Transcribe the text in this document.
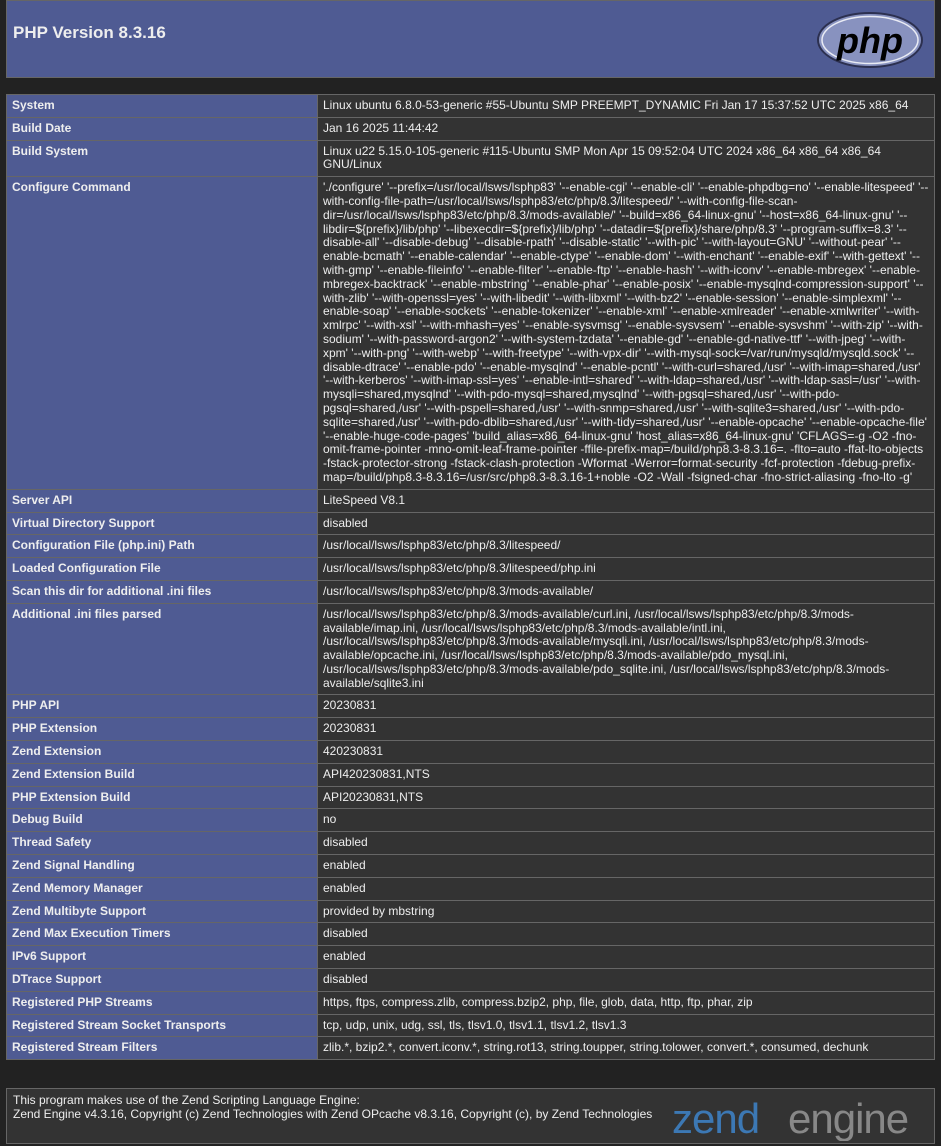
PHP Version 8.3.16	php
System	Linux ubuntu 6.8.0-53-generic #55-Ubuntu SMP PREEMPT_DYNAMIC Fri Jan 17 15:37:52 UTC 2025 x86_64
Build Date	Jan 16 2025 11:44:42
Build System	Linux u22 5.15.0-105-generic #115-Ubuntu SMP Mon Apr 15 09:52:04 UTC 2024 x86_64 x86_64 x86_64 GNU/Linux
Configure Command	'./configure' '--prefix=/usr/local/lsws/lsphp83' '--enable-cgi' '--enable-cli' '--enable-phpdbg=no' '--enable-litespeed' '--with-config-file-path=/usr/local/lsws/lsphp83/etc/php/8.3/litespeed/' '--with-config-file-scan-dir=/usr/local/lsws/lsphp83/etc/php/8.3/mods-available/' '--build=x86_64-linux-gnu' '--host=x86_64-linux-gnu' '--libdir=${prefix}/lib/php' '--libexecdir=${prefix}/lib/php' '--datadir=${prefix}/share/php/8.3' '--program-suffix=8.3' '--disable-all' '--disable-debug' '--disable-rpath' '--disable-static' '--with-pic' '--with-layout=GNU' '--without-pear' '--enable-bcmath' '--enable-calendar' '--enable-ctype' '--enable-dom' '--with-enchant' '--enable-exif' '--with-gettext' '--with-gmp' '--enable-fileinfo' '--enable-filter' '--enable-ftp' '--enable-hash' '--with-iconv' '--enable-mbregex' '--enable-mbregex-backtrack' '--enable-mbstring' '--enable-phar' '--enable-posix' '--enable-mysqlnd-compression-support' '--with-zlib' '--with-openssl=yes' '--with-libedit' '--with-libxml' '--with-bz2' '--enable-session' '--enable-simplexml' '--enable-soap' '--enable-sockets' '--enable-tokenizer' '--enable-xml' '--enable-xmlreader' '--enable-xmlwriter' '--with-xmlrpc' '--with-xsl' '--with-mhash=yes' '--enable-sysvmsg' '--enable-sysvsem' '--enable-sysvshm' '--with-zip' '--with-sodium' '--with-password-argon2' '--with-system-tzdata' '--enable-gd' '--enable-gd-native-ttf' '--with-jpeg' '--with-xpm' '--with-png' '--with-webp' '--with-freetype' '--with-vpx-dir' '--with-mysql-sock=/var/run/mysqld/mysqld.sock' '--disable-dtrace' '--enable-pdo' '--enable-mysqlnd' '--enable-pcntl' '--with-curl=shared,/usr' '--with-imap=shared,/usr' '--with-kerberos' '--with-imap-ssl=yes' '--enable-intl=shared' '--with-ldap=shared,/usr' '--with-ldap-sasl=/usr' '--with-mysqli=shared,mysqlnd' '--with-pdo-mysql=shared,mysqlnd' '--with-pgsql=shared,/usr' '--with-pdo-pgsql=shared,/usr' '--with-pspell=shared,/usr' '--with-snmp=shared,/usr' '--with-sqlite3=shared,/usr' '--with-pdo-sqlite=shared,/usr' '--with-pdo-dblib=shared,/usr' '--with-tidy=shared,/usr' '--enable-opcache' '--enable-opcache-file' '--enable-huge-code-pages' 'build_alias=x86_64-linux-gnu' 'host_alias=x86_64-linux-gnu' 'CFLAGS=-g -O2 -fno-omit-frame-pointer -mno-omit-leaf-frame-pointer -ffile-prefix-map=/build/php8.3-8.3.16=. -flto=auto -ffat-lto-objects -fstack-protector-strong -fstack-clash-protection -Wformat -Werror=format-security -fcf-protection -fdebug-prefix-map=/build/php8.3-8.3.16=/usr/src/php8.3-8.3.16-1+noble -O2 -Wall -fsigned-char -fno-strict-aliasing -fno-lto -g'
Server API	LiteSpeed V8.1
Virtual Directory Support	disabled
Configuration File (php.ini) Path	/usr/local/lsws/lsphp83/etc/php/8.3/litespeed/
Loaded Configuration File	/usr/local/lsws/lsphp83/etc/php/8.3/litespeed/php.ini
Scan this dir for additional .ini files	/usr/local/lsws/lsphp83/etc/php/8.3/mods-available/
Additional .ini files parsed	/usr/local/lsws/lsphp83/etc/php/8.3/mods-available/curl.ini, /usr/local/lsws/lsphp83/etc/php/8.3/mods-available/imap.ini, /usr/local/lsws/lsphp83/etc/php/8.3/mods-available/intl.ini, /usr/local/lsws/lsphp83/etc/php/8.3/mods-available/mysqli.ini, /usr/local/lsws/lsphp83/etc/php/8.3/mods-available/opcache.ini, /usr/local/lsws/lsphp83/etc/php/8.3/mods-available/pdo_mysql.ini, /usr/local/lsws/lsphp83/etc/php/8.3/mods-available/pdo_sqlite.ini, /usr/local/lsws/lsphp83/etc/php/8.3/mods-available/sqlite3.ini
PHP API	20230831
PHP Extension	20230831
Zend Extension	420230831
Zend Extension Build	API420230831,NTS
PHP Extension Build	API20230831,NTS
Debug Build	no
Thread Safety	disabled
Zend Signal Handling	enabled
Zend Memory Manager	enabled
Zend Multibyte Support	provided by mbstring
Zend Max Execution Timers	disabled
IPv6 Support	enabled
DTrace Support	disabled
Registered PHP Streams	https, ftps, compress.zlib, compress.bzip2, php, file, glob, data, http, ftp, phar, zip
Registered Stream Socket Transports	tcp, udp, unix, udg, ssl, tls, tlsv1.0, tlsv1.1, tlsv1.2, tlsv1.3
Registered Stream Filters	zlib.*, bzip2.*, convert.iconv.*, string.rot13, string.toupper, string.tolower, convert.*, consumed, dechunk
This program makes use of the Zend Scripting Language Engine:
Zend Engine v4.3.16, Copyright (c) Zend Technologies with Zend OPcache v8.3.16, Copyright (c), by Zend Technologies zend engine
